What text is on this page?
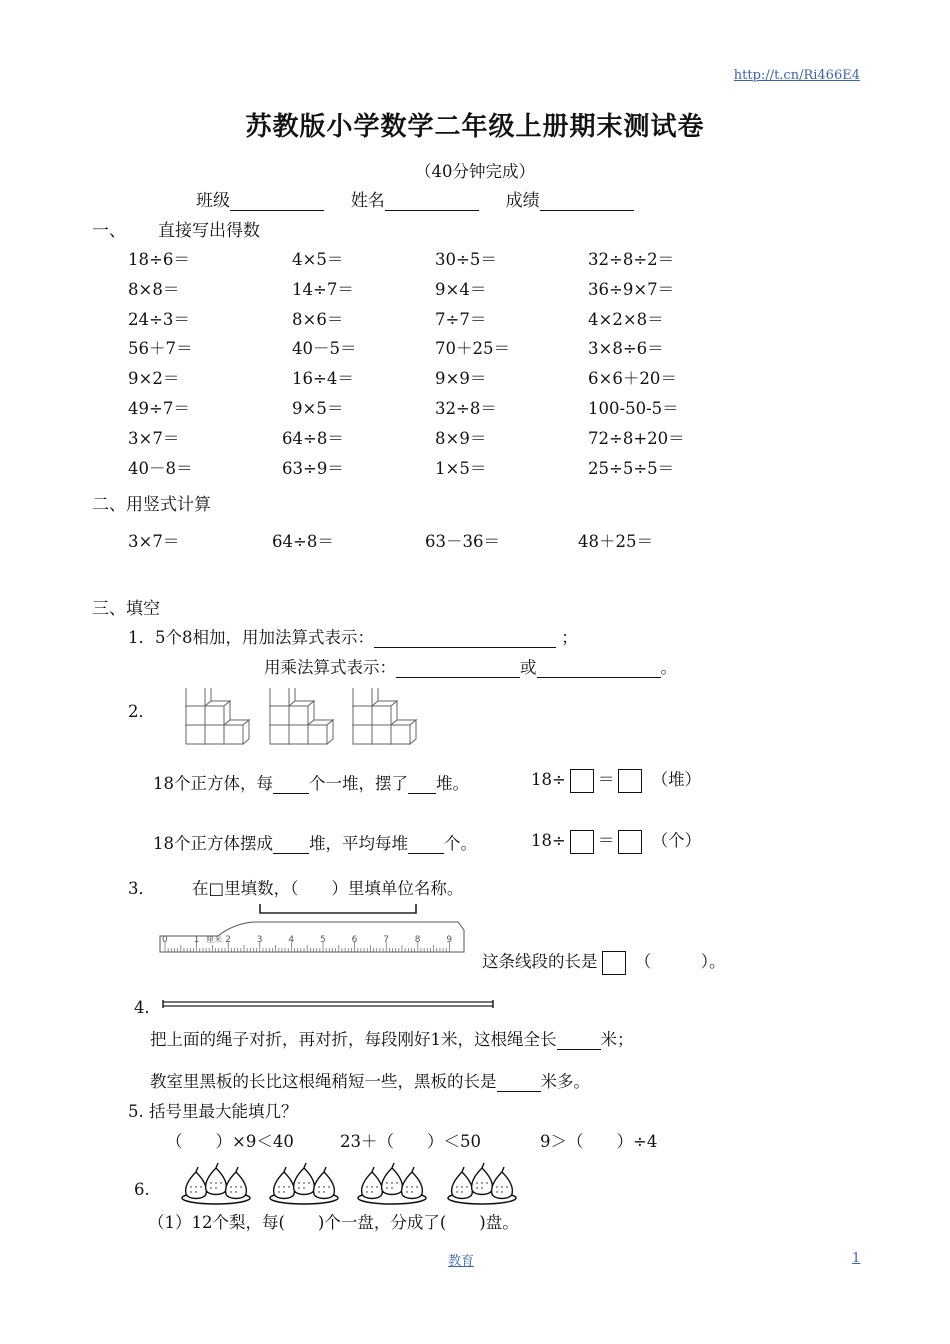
http://t.cn/Ri466E4
苏教版小学数学二年级上册期末测试卷
（40分钟完成）
班级	姓名	成绩
一、 直接写出得数
18÷6＝	4×5＝	30÷5＝	32÷8÷2＝
8×8＝	14÷7＝	9×4＝	36÷9×7＝
24÷3＝	8×6＝	7÷7＝	4×2×8＝
56＋7＝	40－5＝	70＋25＝	3×8÷6＝
9×2＝	16÷4＝	9×9＝	6×6＋20＝
49÷7＝	9×5＝	32÷8＝	100-50-5＝
3×7＝	64÷8＝	8×9＝	72÷8+20＝
40－8＝	63÷9＝	1×5＝	25÷5÷5＝
二、用竖式计算
3×7＝	64÷8＝	63－36＝	48＋25＝
三、填空
1．5个8相加，用加法算式表示：	；
用乘法算式表示：	或	。
2．
18个正方体，每 个一堆，摆了 堆。	18÷ ＝ （堆）
18个正方体摆成 堆，平均每堆 个。	18÷ ＝ （个）
3． 在□里填数，（　　）里填单位名称。
0	1	2	3	4	5	6	7	8	9
厘米
这条线段的长是 （　　　）。
4．
把上面的绳子对折，再对折，每段刚好1米，这根绳全长	米；
教室里黑板的长比这根绳稍短一些，黑板的长是	米多。
5. 括号里最大能填几？
（　　）×9＜40	23＋（　　）＜50	9＞（　　）÷4
6.
（1）12个梨，每(　　)个一盘，分成了(　　)盘。
教育	1
